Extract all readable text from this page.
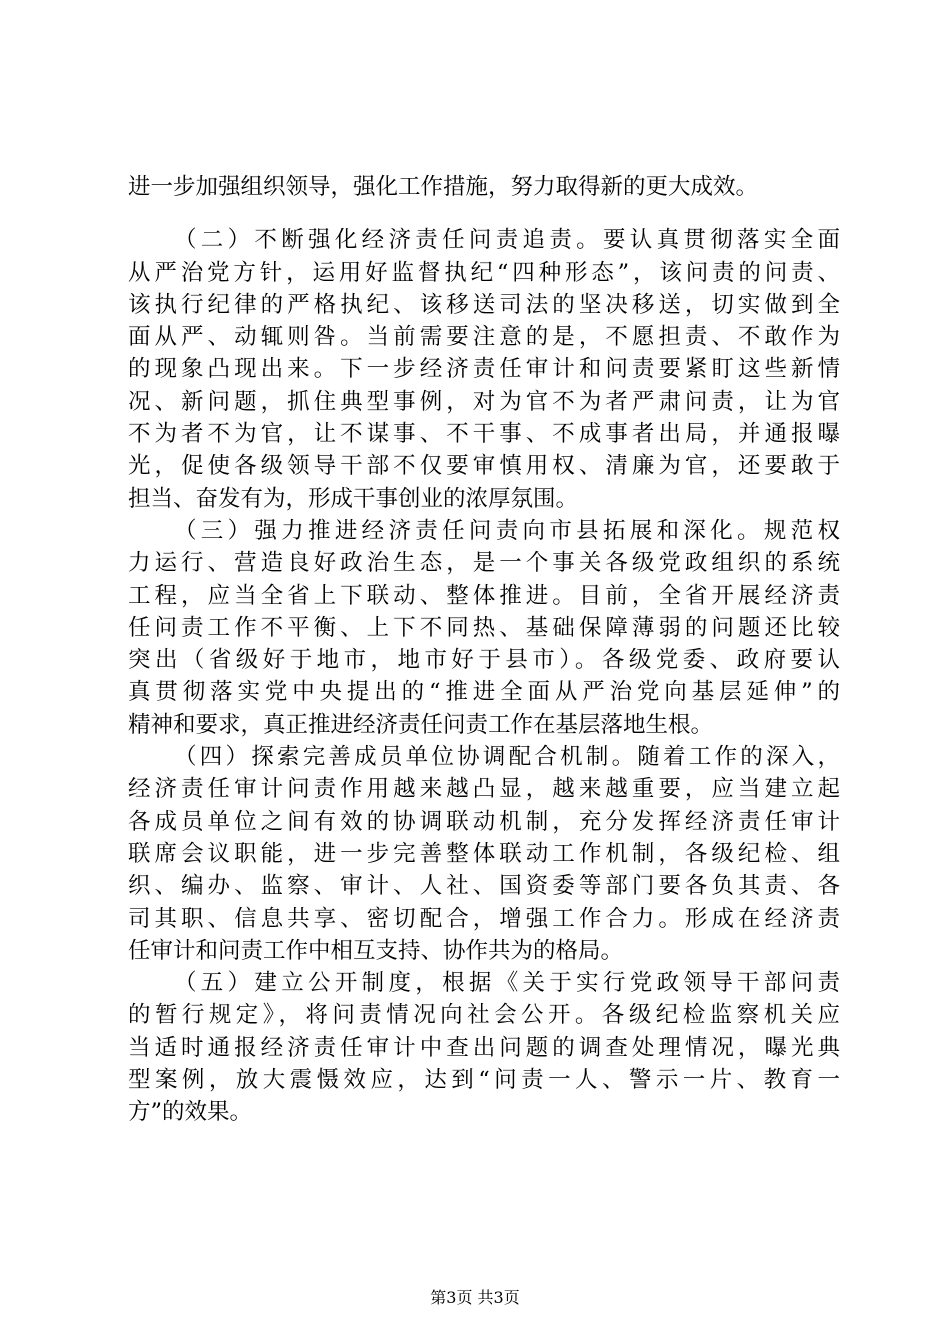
进一步加强组织领导，强化工作措施，努力取得新的更大成效。
（二）不断强化经济责任问责追责。要认真贯彻落实全面
从严治党方针，运用好监督执纪“四种形态”，该问责的问责、
该执行纪律的严格执纪、该移送司法的坚决移送，切实做到全
面从严、动辄则咎。当前需要注意的是，不愿担责、不敢作为
的现象凸现出来。下一步经济责任审计和问责要紧盯这些新情
况、新问题，抓住典型事例，对为官不为者严肃问责，让为官
不为者不为官，让不谋事、不干事、不成事者出局，并通报曝
光，促使各级领导干部不仅要审慎用权、清廉为官，还要敢于
担当、奋发有为，形成干事创业的浓厚氛围。
（三）强力推进经济责任问责向市县拓展和深化。规范权
力运行、营造良好政治生态，是一个事关各级党政组织的系统
工程，应当全省上下联动、整体推进。目前，全省开展经济责
任问责工作不平衡、上下不同热、基础保障薄弱的问题还比较
突出（省级好于地市，地市好于县市）。各级党委、政府要认
真贯彻落实党中央提出的“推进全面从严治党向基层延伸”的
精神和要求，真正推进经济责任问责工作在基层落地生根。
（四）探索完善成员单位协调配合机制。随着工作的深入，
经济责任审计问责作用越来越凸显，越来越重要，应当建立起
各成员单位之间有效的协调联动机制，充分发挥经济责任审计
联席会议职能，进一步完善整体联动工作机制，各级纪检、组
织、编办、监察、审计、人社、国资委等部门要各负其责、各
司其职、信息共享、密切配合，增强工作合力。形成在经济责
任审计和问责工作中相互支持、协作共为的格局。
（五）建立公开制度，根据《关于实行党政领导干部问责
的暂行规定》，将问责情况向社会公开。各级纪检监察机关应
当适时通报经济责任审计中查出问题的调查处理情况，曝光典
型案例，放大震慑效应，达到“问责一人、警示一片、教育一
方”的效果。
第3页 共3页
